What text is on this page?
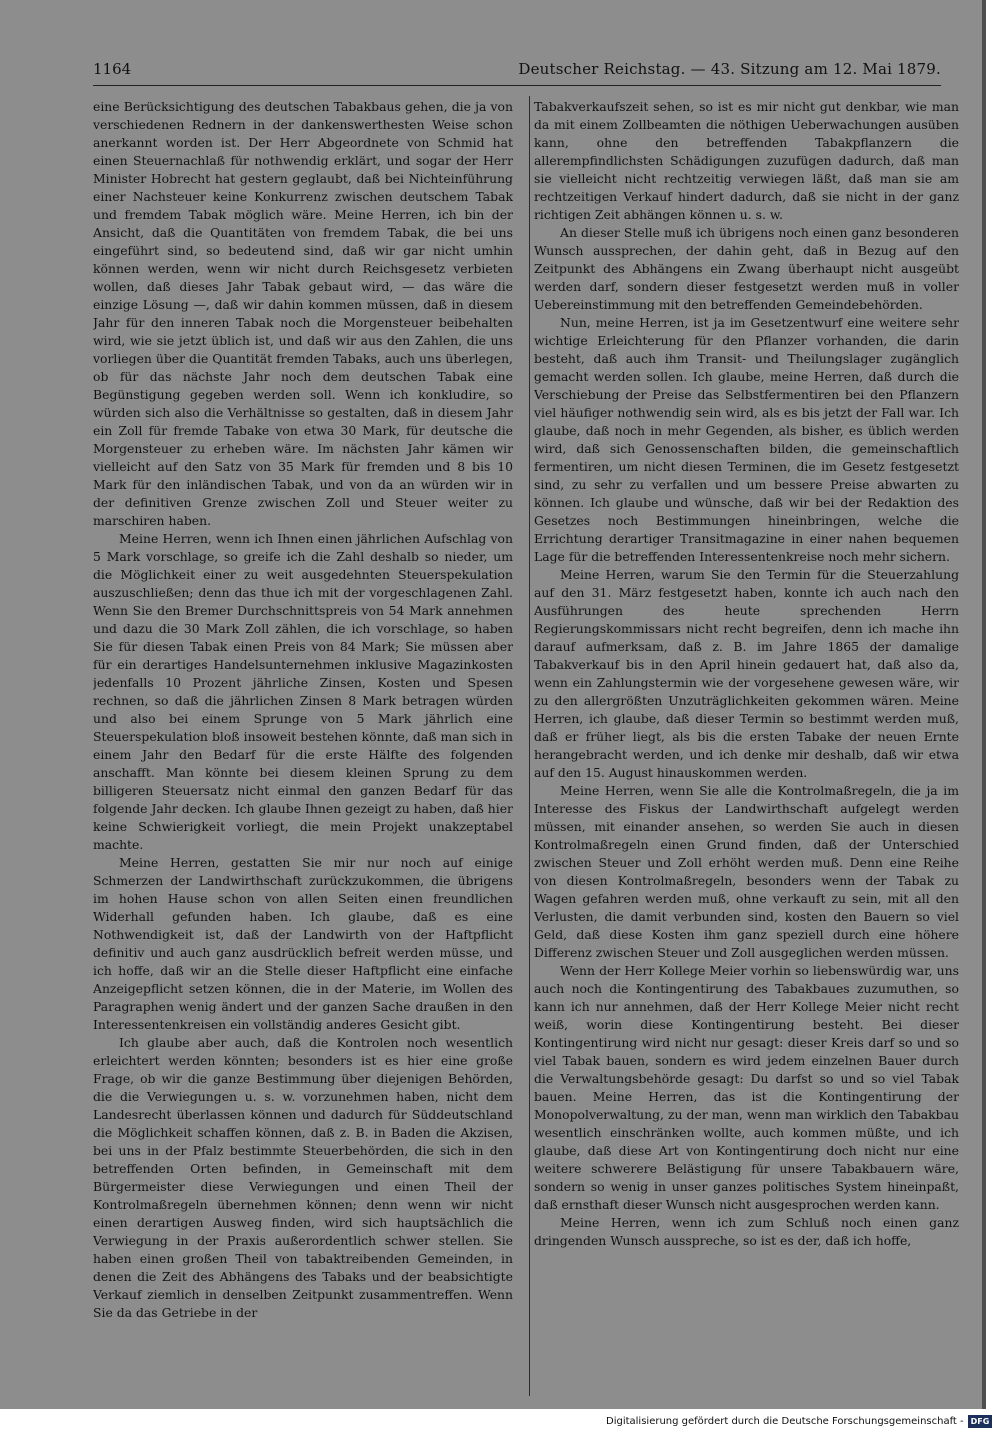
1164	Deutscher Reichstag. — 43. Sitzung am 12. Mai 1879.

eine Berücksichtigung des deutschen Tabakbaus gehen, die ja von verschiedenen Rednern in der dankenswerthesten Weise schon anerkannt worden ist. Der Herr Abgeordnete von Schmid hat einen Steuernachlaß für nothwendig erklärt, und sogar der Herr Minister Hobrecht hat gestern geglaubt, daß bei Nichteinführung einer Nachsteuer keine Konkurrenz zwischen deutschem Tabak und fremdem Tabak möglich wäre. Meine Herren, ich bin der Ansicht, daß die Quantitäten von fremdem Tabak, die bei uns eingeführt sind, so bedeutend sind, daß wir gar nicht umhin können werden, wenn wir nicht durch Reichsgesetz verbieten wollen, daß dieses Jahr Tabak gebaut wird, — das wäre die einzige Lösung —, daß wir dahin kommen müssen, daß in diesem Jahr für den inneren Tabak noch die Morgensteuer beibehalten wird, wie sie jetzt üblich ist, und daß wir aus den Zahlen, die uns vorliegen über die Quantität fremden Tabaks, auch uns überlegen, ob für das nächste Jahr noch dem deutschen Tabak eine Begünstigung gegeben werden soll. Wenn ich konkludire, so würden sich also die Verhältnisse so gestalten, daß in diesem Jahr ein Zoll für fremde Tabake von etwa 30 Mark, für deutsche die Morgensteuer zu erheben wäre. Im nächsten Jahr kämen wir vielleicht auf den Satz von 35 Mark für fremden und 8 bis 10 Mark für den inländischen Tabak, und von da an würden wir in der definitiven Grenze zwischen Zoll und Steuer weiter zu marschiren haben.

Meine Herren, wenn ich Ihnen einen jährlichen Aufschlag von 5 Mark vorschlage, so greife ich die Zahl deshalb so nieder, um die Möglichkeit einer zu weit ausgedehnten Steuerspekulation auszuschließen; denn das thue ich mit der vorgeschlagenen Zahl. Wenn Sie den Bremer Durchschnittspreis von 54 Mark annehmen und dazu die 30 Mark Zoll zählen, die ich vorschlage, so haben Sie für diesen Tabak einen Preis von 84 Mark; Sie müssen aber für ein derartiges Handelsunternehmen inklusive Magazinkosten jedenfalls 10 Prozent jährliche Zinsen, Kosten und Spesen rechnen, so daß die jährlichen Zinsen 8 Mark betragen würden und also bei einem Sprunge von 5 Mark jährlich eine Steuerspekulation bloß insoweit bestehen könnte, daß man sich in einem Jahr den Bedarf für die erste Hälfte des folgenden anschafft. Man könnte bei diesem kleinen Sprung zu dem billigeren Steuersatz nicht einmal den ganzen Bedarf für das folgende Jahr decken. Ich glaube Ihnen gezeigt zu haben, daß hier keine Schwierigkeit vorliegt, die mein Projekt unakzeptabel machte.

Meine Herren, gestatten Sie mir nur noch auf einige Schmerzen der Landwirthschaft zurückzukommen, die übrigens im hohen Hause schon von allen Seiten einen freundlichen Widerhall gefunden haben. Ich glaube, daß es eine Nothwendigkeit ist, daß der Landwirth von der Haftpflicht definitiv und auch ganz ausdrücklich befreit werden müsse, und ich hoffe, daß wir an die Stelle dieser Haftpflicht eine einfache Anzeigepflicht setzen können, die in der Materie, im Wollen des Paragraphen wenig ändert und der ganzen Sache draußen in den Interessentenkreisen ein vollständig anderes Gesicht gibt.

Ich glaube aber auch, daß die Kontrolen noch wesentlich erleichtert werden könnten; besonders ist es hier eine große Frage, ob wir die ganze Bestimmung über diejenigen Behörden, die die Verwiegungen u. s. w. vorzunehmen haben, nicht dem Landesrecht überlassen können und dadurch für Süddeutschland die Möglichkeit schaffen können, daß z. B. in Baden die Akzisen, bei uns in der Pfalz bestimmte Steuerbehörden, die sich in den betreffenden Orten befinden, in Gemeinschaft mit dem Bürgermeister diese Verwiegungen und einen Theil der Kontrolmaßregeln übernehmen können; denn wenn wir nicht einen derartigen Ausweg finden, wird sich hauptsächlich die Verwiegung in der Praxis außerordentlich schwer stellen. Sie haben einen großen Theil von tabaktreibenden Gemeinden, in denen die Zeit des Abhängens des Tabaks und der beabsichtigte Verkauf ziemlich in denselben Zeitpunkt zusammentreffen. Wenn Sie da das Getriebe in der

Tabakverkaufszeit sehen, so ist es mir nicht gut denkbar, wie man da mit einem Zollbeamten die nöthigen Ueberwachungen ausüben kann, ohne den betreffenden Tabakpflanzern die allerempfindlichsten Schädigungen zuzufügen dadurch, daß man sie vielleicht nicht rechtzeitig verwiegen läßt, daß man sie am rechtzeitigen Verkauf hindert dadurch, daß sie nicht in der ganz richtigen Zeit abhängen können u. s. w.

An dieser Stelle muß ich übrigens noch einen ganz besonderen Wunsch aussprechen, der dahin geht, daß in Bezug auf den Zeitpunkt des Abhängens ein Zwang überhaupt nicht ausgeübt werden darf, sondern dieser festgesetzt werden muß in voller Uebereinstimmung mit den betreffenden Gemeindebehörden.

Nun, meine Herren, ist ja im Gesetzentwurf eine weitere sehr wichtige Erleichterung für den Pflanzer vorhanden, die darin besteht, daß auch ihm Transit- und Theilungslager zugänglich gemacht werden sollen. Ich glaube, meine Herren, daß durch die Verschiebung der Preise das Selbstfermentiren bei den Pflanzern viel häufiger nothwendig sein wird, als es bis jetzt der Fall war. Ich glaube, daß noch in mehr Gegenden, als bisher, es üblich werden wird, daß sich Genossenschaften bilden, die gemeinschaftlich fermentiren, um nicht diesen Terminen, die im Gesetz festgesetzt sind, zu sehr zu verfallen und um bessere Preise abwarten zu können. Ich glaube und wünsche, daß wir bei der Redaktion des Gesetzes noch Bestimmungen hineinbringen, welche die Errichtung derartiger Transitmagazine in einer nahen bequemen Lage für die betreffenden Interessentenkreise noch mehr sichern.

Meine Herren, warum Sie den Termin für die Steuerzahlung auf den 31. März festgesetzt haben, konnte ich auch nach den Ausführungen des heute sprechenden Herrn Regierungskommissars nicht recht begreifen, denn ich mache ihn darauf aufmerksam, daß z. B. im Jahre 1865 der damalige Tabakverkauf bis in den April hinein gedauert hat, daß also da, wenn ein Zahlungstermin wie der vorgesehene gewesen wäre, wir zu den allergrößten Unzuträglichkeiten gekommen wären. Meine Herren, ich glaube, daß dieser Termin so bestimmt werden muß, daß er früher liegt, als bis die ersten Tabake der neuen Ernte herangebracht werden, und ich denke mir deshalb, daß wir etwa auf den 15. August hinauskommen werden.

Meine Herren, wenn Sie alle die Kontrolmaßregeln, die ja im Interesse des Fiskus der Landwirthschaft aufgelegt werden müssen, mit einander ansehen, so werden Sie auch in diesen Kontrolmaßregeln einen Grund finden, daß der Unterschied zwischen Steuer und Zoll erhöht werden muß. Denn eine Reihe von diesen Kontrolmaßregeln, besonders wenn der Tabak zu Wagen gefahren werden muß, ohne verkauft zu sein, mit all den Verlusten, die damit verbunden sind, kosten den Bauern so viel Geld, daß diese Kosten ihm ganz speziell durch eine höhere Differenz zwischen Steuer und Zoll ausgeglichen werden müssen.

Wenn der Herr Kollege Meier vorhin so liebenswürdig war, uns auch noch die Kontingentirung des Tabakbaues zuzumuthen, so kann ich nur annehmen, daß der Herr Kollege Meier nicht recht weiß, worin diese Kontingentirung besteht. Bei dieser Kontingentirung wird nicht nur gesagt: dieser Kreis darf so und so viel Tabak bauen, sondern es wird jedem einzelnen Bauer durch die Verwaltungsbehörde gesagt: Du darfst so und so viel Tabak bauen. Meine Herren, das ist die Kontingentirung der Monopolverwaltung, zu der man, wenn man wirklich den Tabakbau wesentlich einschränken wollte, auch kommen müßte, und ich glaube, daß diese Art von Kontingentirung doch nicht nur eine weitere schwerere Belästigung für unsere Tabakbauern wäre, sondern so wenig in unser ganzes politisches System hineinpaßt, daß ernsthaft dieser Wunsch nicht ausgesprochen werden kann.

Meine Herren, wenn ich zum Schluß noch einen ganz dringenden Wunsch ausspreche, so ist es der, daß ich hoffe,

Digitalisierung gefördert durch die Deutsche Forschungsgemeinschaft - DFG
